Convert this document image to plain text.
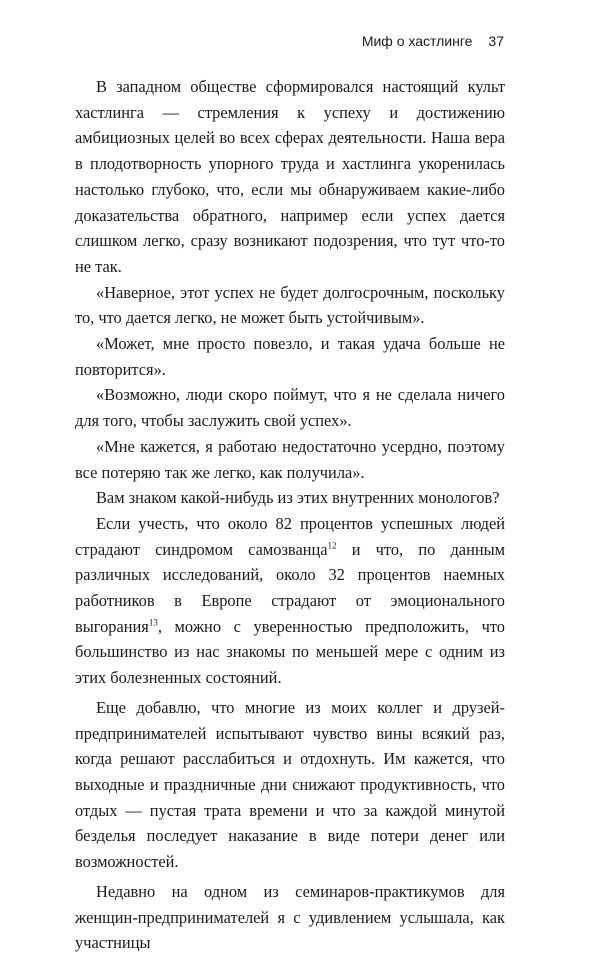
Миф о хастлинге 37

В западном обществе сформировался настоящий культ хастлинга — стремления к успеху и достижению амбициозных целей во всех сферах деятельности. Наша вера в плодотворность упорного труда и хастлинга укоренилась настолько глубоко, что, если мы обнаруживаем какие-либо доказательства обратного, например если успех дается слишком легко, сразу возникают подозрения, что тут что-то не так.

«Наверное, этот успех не будет долгосрочным, поскольку то, что дается легко, не может быть устойчивым».

«Может, мне просто повезло, и такая удача больше не повторится».

«Возможно, люди скоро поймут, что я не сделала ничего для того, чтобы заслужить свой успех».

«Мне кажется, я работаю недостаточно усердно, поэтому все потеряю так же легко, как получила».

Вам знаком какой-нибудь из этих внутренних монологов?

Если учесть, что около 82 процентов успешных людей страдают синдромом самозванца$^{12}$ и что, по данным различных исследований, около 32 процентов наемных работников в Европе страдают от эмоционального выгорания$^{13}$, можно с уверенностью предположить, что большинство из нас знакомы по меньшей мере с одним из этих болезненных состояний.

Еще добавлю, что многие из моих коллег и друзей-предпринимателей испытывают чувство вины всякий раз, когда решают расслабиться и отдохнуть. Им кажется, что выходные и праздничные дни снижают продуктивность, что отдых — пустая трата времени и что за каждой минутой безделья последует наказание в виде потери денег или возможностей.

Недавно на одном из семинаров-практикумов для женщин-предпринимателей я с удивлением услышала, как участницы
